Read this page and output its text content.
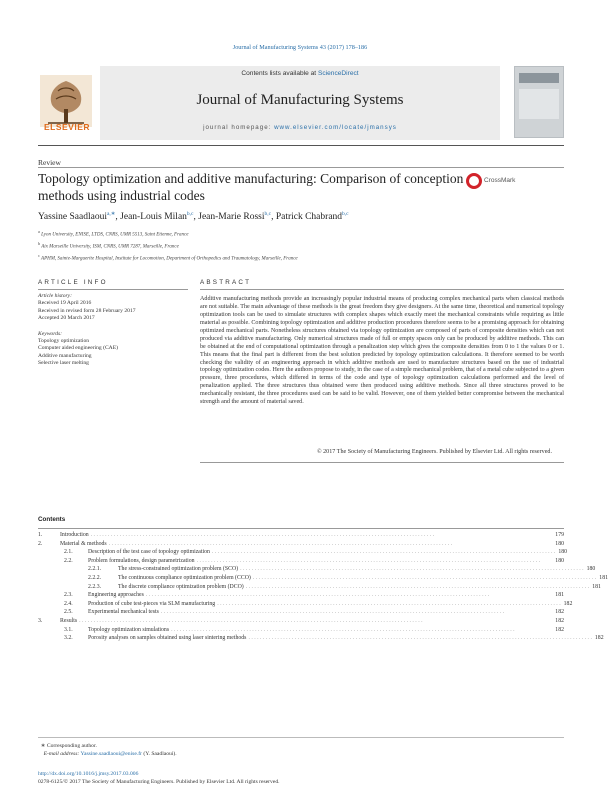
Journal of Manufacturing Systems 43 (2017) 178–186
ELSEVIER
Contents lists available at ScienceDirect
Journal of Manufacturing Systems
journal homepage: www.elsevier.com/locate/jmansys
Review
Topology optimization and additive manufacturing: Comparison of conception methods using industrial codes
CrossMark
Yassine Saadlaoui$^{a,∗}$, Jean-Louis Milan$^{b,c}$, Jean-Marie Rossi$^{b,c}$, Patrick Chabrand$^{b,c}$
$^a$ Lyon University, ENISE, LTDS, CNRS, UMR 5513, Saint Etienne, France
$^b$ Aix Marseille University, ISM, CNRS, UMR 7287, Marseille, France
$^c$ APHM, Sainte-Marguerite Hospital, Institute for Locomotion, Department of Orthopedics and Traumatology, Marseille, France
ARTICLE INFO	ABSTRACT
Article history:
Received 19 April 2016
Received in revised form 28 February 2017
Accepted 20 March 2017
Keywords:
Topology optimization
Computer aided engineering (CAE)
Additive manufacturing
Selective laser melting
Additive manufacturing methods provide an increasingly popular industrial means of producing complex mechanical parts when classical methods are not suitable. The main advantage of these methods is the great freedom they give designers. At the same time, theoretical and numerical topology optimization tools can be used to simulate structures with complex shapes which exactly meet the mechanical constraints while requiring as little material as possible. Combining topology optimization and additive production procedures therefore seems to be a promising approach for obtaining optimized mechanical parts. Nonetheless structures obtained via topology optimization are composed of parts of composite densities which can not produced via additive manufacturing. Only numerical structures made of full or empty spaces only can be produced by additive methods. This can be obtained at the end of computational optimization through a penalization step which gives the composite densities from 0 to 1 the values 0 or 1. This means that the final part is different from the best solution predicted by topology optimization calculations. It therefore seemed to be worth checking the validity of an engineering approach in which additive methods are used to manufacture structures based on the use of industrial topology optimization codes. Here the authors propose to study, in the case of a simple mechanical problem, that of a metal cube subjected to a given pressure, three procedures, which differed in terms of the code and type of topology optimization calculations performed and the level of penalization applied. The three structures thus obtained were then produced using additive methods. Since all three structures proved to be mechanically resistant, the three procedures used can be said to be valid. However, one of them yielded better compromise between the mechanical strength and the amount of material saved.
© 2017 The Society of Manufacturing Engineers. Published by Elsevier Ltd. All rights reserved.
Contents
1.	Introduction . . . . . . . . . . . . . . . . . . . . . . . . . . . . . . . . . . . . . . . . . . . . . . . . . . . . . . . . . . . . . . . . . . . . . . . . . . . . . . . . . . . . . . . . . . . . . . . . . . . . . . . . . . . . . . . . . . . . . . .	179
2.	Material & methods . . . . . . . . . . . . . . . . . . . . . . . . . . . . . . . . . . . . . . . . . . . . . . . . . . . . . . . . . . . . . . . . . . . . . . . . . . . . . . . . . . . . . . . . . . . . . . . . . . . . . . . . . . . . . . . . . . . . . . .	180
2.1.	Description of the test case of topology optimization . . . . . . . . . . . . . . . . . . . . . . . . . . . . . . . . . . . . . . . . . . . . . . . . . . . . . . . . . . . . . . . . . . . . . . . . . . . . . . . . . . . . . . . . . . . . . . . . . . . . . . . . . . . . . . . . . . . . . . . 180
2.2.	Problem formulations, design parametrization . . . . . . . . . . . . . . . . . . . . . . . . . . . . . . . . . . . . . . . . . . . . . . . . . . . . . . . . . . . . . . . . . . . . . . . . . . . . . . . . . . . . . . . . . . . . . . . . . . . . . . . . . . . . . . . . . . . . . . .	180
2.2.1.	The stress-constrained optimization problem (SCO) . . . . . . . . . . . . . . . . . . . . . . . . . . . . . . . . . . . . . . . . . . . . . . . . . . . . . . . . . . . . . . . . . . . . . . . . . . . . . . . . . . . . . . . . . . . . . . . . . . . . . . . . . . . . . . . . . . . . . . . 180
2.2.2.	The continuous compliance optimization problem (CCO) . . . . . . . . . . . . . . . . . . . . . . . . . . . . . . . . . . . . . . . . . . . . . . . . . . . . . . . . . . . . . . . . . . . . . . . . . . . . . . . . . . . . . . . . . . . . . . . . . . . . . . . . . . . . . . . . . . . . . . . 181
2.2.3.	The discrete compliance optimization problem (DCO) . . . . . . . . . . . . . . . . . . . . . . . . . . . . . . . . . . . . . . . . . . . . . . . . . . . . . . . . . . . . . . . . . . . . . . . . . . . . . . . . . . . . . . . . . . . . . . . . . . . . . . . . . . . . . . . . . . . . . . . 181
2.3.	Engineering approaches . . . . . . . . . . . . . . . . . . . . . . . . . . . . . . . . . . . . . . . . . . . . . . . . . . . . . . . . . . . . . . . . . . . . . . . . . . . . . . . . . . . . . . . . . . . . . . . . . . . . . . . . . . . . . . . . . . . . . . .	181
2.4.	Production of cube test-pieces via SLM manufacturing . . . . . . . . . . . . . . . . . . . . . . . . . . . . . . . . . . . . . . . . . . . . . . . . . . . . . . . . . . . . . . . . . . . . . . . . . . . . . . . . . . . . . . . . . . . . . . . . . . . . . . . . . . . . . . . . . . . . . . . 182
2.5.	Experimental mechanical tests . . . . . . . . . . . . . . . . . . . . . . . . . . . . . . . . . . . . . . . . . . . . . . . . . . . . . . . . . . . . . . . . . . . . . . . . . . . . . . . . . . . . . . . . . . . . . . . . . . . . . . . . . . . . . . . . . . . . . . .	182
3.	Results . . . . . . . . . . . . . . . . . . . . . . . . . . . . . . . . . . . . . . . . . . . . . . . . . . . . . . . . . . . . . . . . . . . . . . . . . . . . . . . . . . . . . . . . . . . . . . . . . . . . . . . . . . . . . . . . . . . . . . .	182
3.1.	Topology optimization simulations . . . . . . . . . . . . . . . . . . . . . . . . . . . . . . . . . . . . . . . . . . . . . . . . . . . . . . . . . . . . . . . . . . . . . . . . . . . . . . . . . . . . . . . . . . . . . . . . . . . . . . . . . . . . . . . . . . . . . . .	182
3.2.	Porosity analyses on samples obtained using laser sintering methods . . . . . . . . . . . . . . . . . . . . . . . . . . . . . . . . . . . . . . . . . . . . . . . . . . . . . . . . . . . . . . . . . . . . . . . . . . . . . . . . . . . . . . . . . . . . . . . . . . . . . . . . . . . . . . . . . . . . . . . 182
∗ Corresponding author.
E-mail address: Yassine.saadlaoui@enise.fr (Y. Saadlaoui).
http://dx.doi.org/10.1016/j.jmsy.2017.03.006
0278-6125/© 2017 The Society of Manufacturing Engineers. Published by Elsevier Ltd. All rights reserved.
